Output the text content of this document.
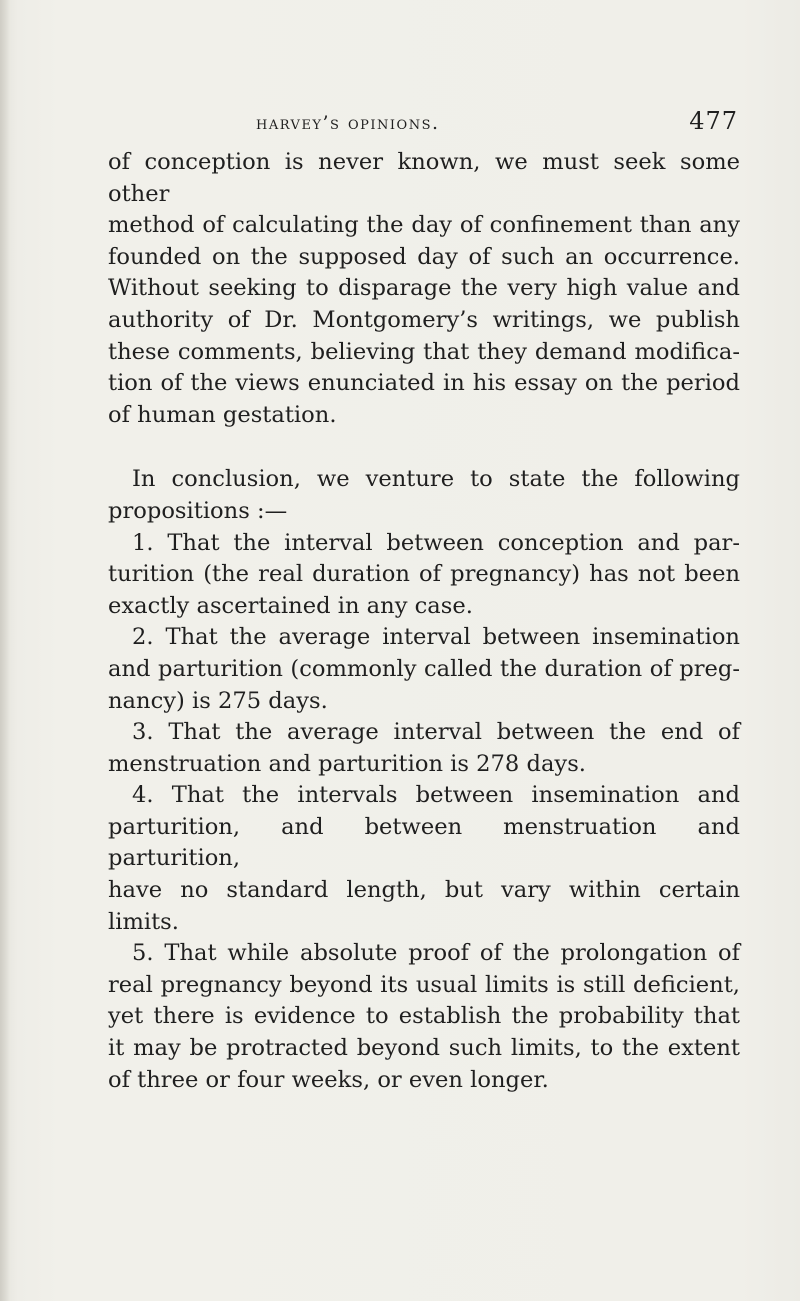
harvey’s opinions.	477

of conception is never known, we must seek some other

method of calculating the day of confinement than any

founded on the supposed day of such an occurrence.

Without seeking to disparage the very high value and

authority of Dr. Montgomery’s writings, we publish

these comments, believing that they demand modifica-

tion of the views enunciated in his essay on the period

of human gestation.

In conclusion, we venture to state the following

propositions :—

1. That the interval between conception and par-

turition (the real duration of pregnancy) has not been

exactly ascertained in any case.

2. That the average interval between insemination

and parturition (commonly called the duration of preg-

nancy) is 275 days.

3. That the average interval between the end of

menstruation and parturition is 278 days.

4. That the intervals between insemination and

parturition, and between menstruation and parturition,

have no standard length, but vary within certain

limits.

5. That while absolute proof of the prolongation of

real pregnancy beyond its usual limits is still deficient,

yet there is evidence to establish the probability that

it may be protracted beyond such limits, to the extent

of three or four weeks, or even longer.
